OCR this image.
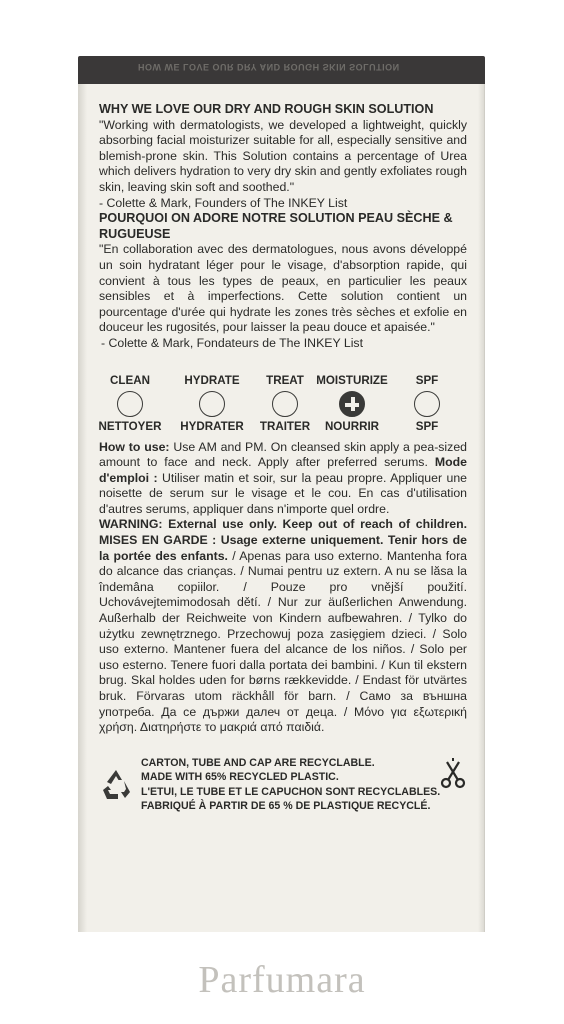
HOW WE LOVE OUR DRY AND ROUGH SKIN SOLUTION
WHY WE LOVE OUR DRY AND ROUGH SKIN SOLUTION

"Working with dermatologists, we developed a lightweight, quickly absorbing facial moisturizer suitable for all, especially sensitive and blemish-prone skin. This Solution contains a percentage of Urea which delivers hydration to very dry skin and gently exfoliates rough skin, leaving skin soft and soothed."

- Colette & Mark, Founders of The INKEY List

POURQUOI ON ADORE NOTRE SOLUTION PEAU SÈCHE & RUGUEUSE

"En collaboration avec des dermatologues, nous avons développé un soin hydratant léger pour le visage, d'absorption rapide, qui convient à tous les types de peaux, en particulier les peaux sensibles et à imperfections. Cette solution contient un pourcentage d'urée qui hydrate les zones très sèches et exfolie en douceur les rugosités, pour laisser la peau douce et apaisée."

- Colette & Mark, Fondateurs de The INKEY List

CLEAN
NETTOYER
HYDRATE
HYDRATER
TREAT
TRAITER
MOISTURIZE
NOURRIR
SPF
SPF

How to use: Use AM and PM. On cleansed skin apply a pea-sized amount to face and neck. Apply after preferred serums. Mode d'emploi : Utiliser matin et soir, sur la peau propre. Appliquer une noisette de serum sur le visage et le cou. En cas d'utilisation d'autres serums, appliquer dans n'importe quel ordre.

WARNING: External use only. Keep out of reach of children. MISES EN GARDE : Usage externe uniquement. Tenir hors de la portée des enfants. / Apenas para uso externo. Mantenha fora do alcance das crianças. / Numai pentru uz extern. A nu se lăsa la îndemâna copiilor. / Pouze pro vnější použití. Uchovávejtemimodosah dětí. / Nur zur äußerlichen Anwendung. Außerhalb der Reichweite von Kindern aufbewahren. / Tylko do użytku zewnętrznego. Przechowuj poza zasięgiem dzieci. / Solo uso externo. Mantener fuera del alcance de los niños. / Solo per uso esterno. Tenere fuori dalla portata dei bambini. / Kun til ekstern brug. Skal holdes uden for børns rækkevidde. / Endast för utvärtes bruk. Förvaras utom räckhåll för barn. / Само за външна употреба. Да се държи далеч от деца. / Μόνο για εξωτερική χρήση. Διατηρήστε το μακριά από παιδιά.

CARTON, TUBE AND CAP ARE RECYCLABLE.
MADE WITH 65% RECYCLED PLASTIC.
L'ETUI, LE TUBE ET LE CAPUCHON SONT RECYCLABLES.
FABRIQUÉ À PARTIR DE 65 % DE PLASTIQUE RECYCLÉ.
Parfumara
